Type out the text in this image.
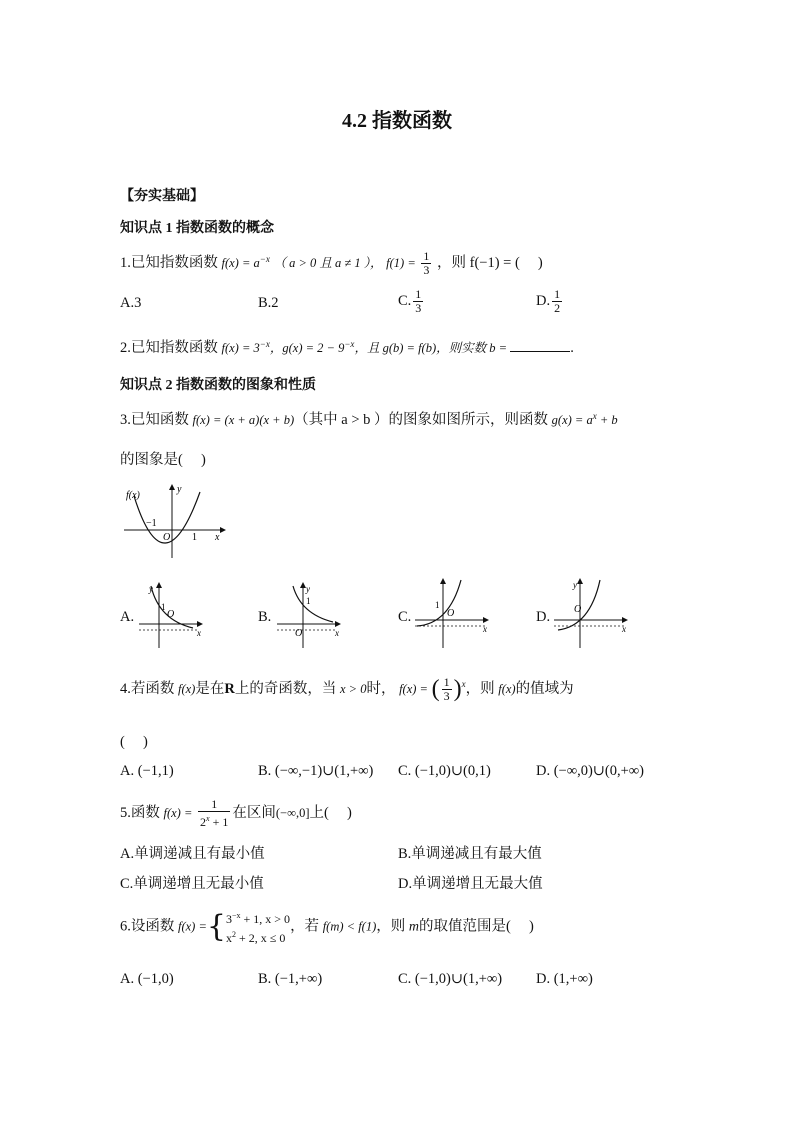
4.2 指数函数
【夯实基础】
知识点 1 指数函数的概念
1.已知指数函数 $f(x) = a^{-x}$ （ a > 0 且 a ≠ 1 ）， $f(1) = \frac{1}{3}$ ，则 f(−1) = (　 )
A.3	B.2	C. $\frac{1}{3}$	D. $\frac{1}{2}$
2.已知指数函数 $f(x) = 3^{-x}$，$g(x) = 2 - 9^{-x}$，且 g(b) = f(b)，则实数 b =	.
知识点 2 指数函数的图象和性质
3.已知函数 f(x) = (x + a)(x + b)（其中 a > b ）的图象如图所示，则函数 $g(x) = a^x + b$
的图象是(　 )
f(x)
y
−1
O 1 x
A.
y
1
O
x
B.
y
1
O	x
C.
1
O
x
D.
y
O
x
4.若函数 f(x)是在R上的奇函数，当 x > 0时， f(x) = ( $\frac{1}{3} )^x$，则 f(x)的值域为
(　 )
A. (−1,1)	B. (−∞,−1)∪(1,+∞) C. (−1,0)∪(0,1)	D. (−∞,0)∪(0,+∞)
5.函数 $f(x) = \frac{1}{2^x + 1}$ 在区间(−∞,0]上(　 )
A.单调递减且有最小值	B.单调递减且有最大值
C.单调递增且无最小值	D.单调递增且无最大值
6.设函数 f(x) ={ $3^{-x} + 1$, x > 0
$x^2 + 2$, x ≤ 0
，若 f(m) < f(1)，则 m的取值范围是(　 )
A. (−1,0)	B. (−1,+∞)	C. (−1,0)∪(1,+∞) D. (1,+∞)
